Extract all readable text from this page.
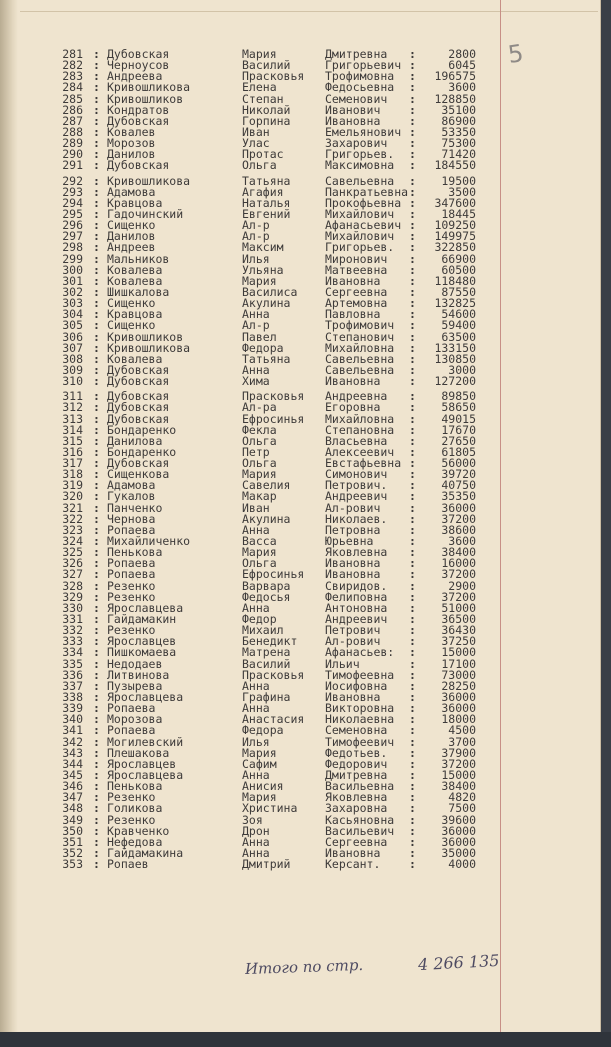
5
281 Дубовская	Мария	Дмитревна	2800
:	:
282 Черноусов	Василий	Григорьевич	6045
:	:
283 Андреева	Прасковья Трофимовна	196575
:	:
284 Кривошликова	Елена	Федосьевна	3600
:	:
285 Кривошликов	Степан	Семенович	128850
:	:
286 Кондратов	Николай	Иванович	35100
:	:
287 Дубовская	Горпина	Ивановна	86900
:	:
288 Ковалев	Иван	Емельянович	53350
:	:
289 Морозов	Улас	Захарович	75300
:	:
290 Данилов	Протас	Григорьев.	71420
:	:
291 Дубовская	Ольга	Максимовна	184550
:	:
292 Кривошликова	Татьяна	Савельевна	19500
:	:
293 Адамова	Агафия	Панкратьевна	3500
:	:
294 Кравцова	Наталья	Прокофьевна	347600
:	:
295 Гадочинский	Евгений	Михайлович	18445
:	:
296 Сищенко	Ал-р	Афанасьевич	109250
:	:
297 Данилов	Ал-р	Михайлович	149975
:	:
298 Андреев	Максим	Григорьев.	322850
:	:
299 Мальников	Илья	Миронович	66900
:	:
300 Ковалева	Ульяна	Матвеевна	60500
:	:
301 Ковалева	Мария	Ивановна	118480
:	:
302 Шишкалова	Василиса Сергеевна	87550
:	:
303 Сищенко	Акулина	Артемовна	132825
:	:
304 Кравцова	Анна	Павловна	54600
:	:
305 Сищенко	Ал-р	Трофимович	59400
:	:
306 Кривошликов	Павел	Степанович	63500
:	:
307 Кривошликова	Федора	Михайловна	133150
:	:
308 Ковалева	Татьяна	Савельевна	130850
:	:
309 Дубовская	Анна	Савельевна	3000
:	:
310 Дубовская	Хима	Ивановна	127200
:	:
311 Дубовская	Прасковья Андреевна	89850
:	:
312 Дубовская	Ал-ра	Егоровна	58650
:	:
313 Дубовская	Ефросинья Михайловна	49015
:	:
314 Бондаренко	Фекла	Степановна	17670
:	:
315 Данилова	Ольга	Власьевна	27650
:	:
316 Бондаренко	Петр	Алексеевич	61805
:	:
317 Дубовская	Ольга	Евстафьевна	56000
:	:
318 Сищенкова	Мария	Симонович	39720
:	:
319 Адамова	Савелия	Петрович.	40750
:	:
320 Гукалов	Макар	Андреевич	35350
:	:
321 Панченко	Иван	Ал-рович	36000
:	:
322 Чернова	Акулина	Николаев.	37200
:	:
323 Ропаева	Анна	Петровна	38600
:	:
324 Михайличенко	Васса	Юрьевна	3600
:	:
325 Пенькова	Мария	Яковлевна	38400
:	:
326 Ропаева	Ольга	Ивановна	16000
:	:
327 Ропаева	Ефросинья Ивановна	37200
:	:
328 Резенко	Варвара	Свиридов.	2900
:	:
329 Резенко	Федосья	Фелиповна	37200
:	:
330 Ярославцева	Анна	Антоновна	51000
:	:
331 Гайдамакин	Федор	Андреевич	36500
:	:
332 Резенко	Михаил	Петрович	36430
:	:
333 Ярославцев	Бенедикт Ал-рович	37250
:	:
334 Пишкомаева	Матрена	Афанасьев:	15000
:	:
335 Недодаев	Василий	Ильич	17100
:	:
336 Литвинова	Прасковья Тимофеевна	73000
:	:
337 Пузырева	Анна	Иосифовна	28250
:	:
338 Ярославцева	Графина	Ивановна	36000
:	:
339 Ропаева	Анна	Викторовна	36000
:	:
340 Морозова	Анастасия Николаевна	18000
:	:
341 Ропаева	Федора	Семеновна	4500
:	:
342 Могилевский	Илья	Тимофеевич	3700
:	:
343 Плешакова	Мария	Федотьев.	37900
:	:
344 Ярославцев	Сафим	Федорович	37200
:	:
345 Ярославцева	Анна	Дмитревна	15000
:	:
346 Пенькова	Анисия	Васильевна	38400
:	:
347 Резенко	Мария	Яковлевна	4820
:	:
348 Голикова	Христина Захаровна	7500
:	:
349 Резенко	Зоя	Касьяновна	39600
:	:
350 Кравченко	Дрон	Васильевич	36000
:	:
351 Нефедова	Анна	Сергеевна	36000
:	:
352 Гайдамакина	Анна	Ивановна	35000
:	:
353 Ропаев	Дмитрий	Керсант.	4000
:	:
Итого по стр.	4 266 135
